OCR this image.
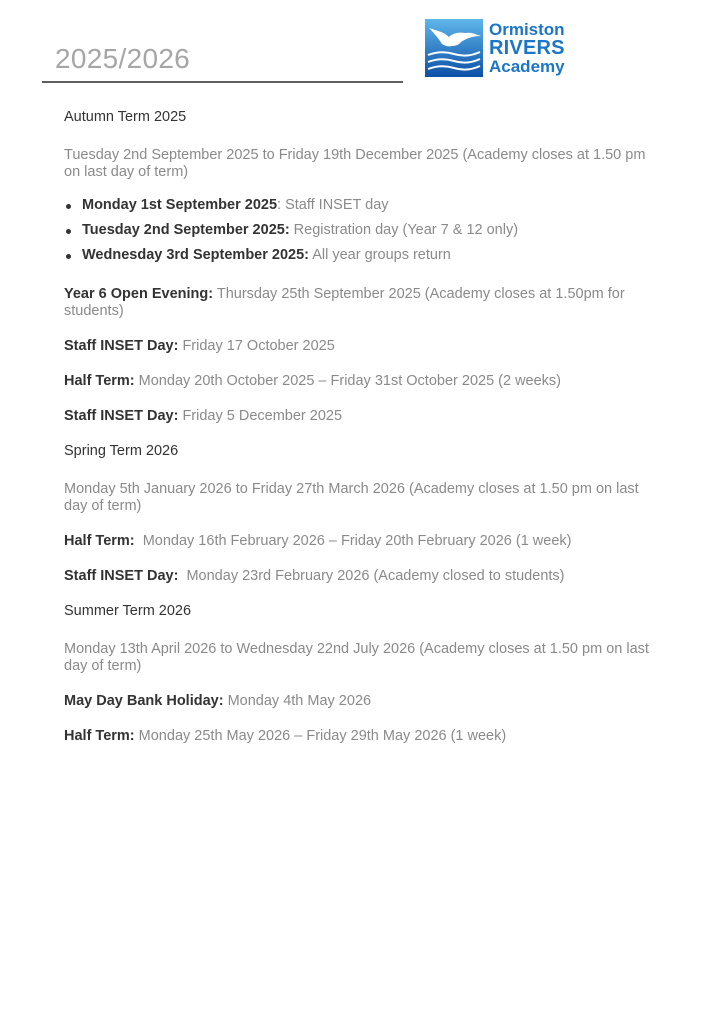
2025/2026
Ormiston
RIVERS
Academy

Autumn Term 2025

Tuesday 2nd September 2025 to Friday 19th December 2025 (Academy closes at 1.50 pm on last day of term)

Monday 1st September 2025: Staff INSET day
Tuesday 2nd September 2025: Registration day (Year 7 & 12 only)
Wednesday 3rd September 2025: All year groups return

Year 6 Open Evening: Thursday 25th September 2025 (Academy closes at 1.50pm for students)

Staff INSET Day: Friday 17 October 2025

Half Term: Monday 20th October 2025 – Friday 31st October 2025 (2 weeks)

Staff INSET Day: Friday 5 December 2025

Spring Term 2026

Monday 5th January 2026 to Friday 27th March 2026 (Academy closes at 1.50 pm on last day of term)

Half Term:  Monday 16th February 2026 – Friday 20th February 2026 (1 week)

Staff INSET Day:  Monday 23rd February 2026 (Academy closed to students)

Summer Term 2026

Monday 13th April 2026 to Wednesday 22nd July 2026 (Academy closes at 1.50 pm on last day of term)

May Day Bank Holiday: Monday 4th May 2026

Half Term: Monday 25th May 2026 – Friday 29th May 2026 (1 week)
